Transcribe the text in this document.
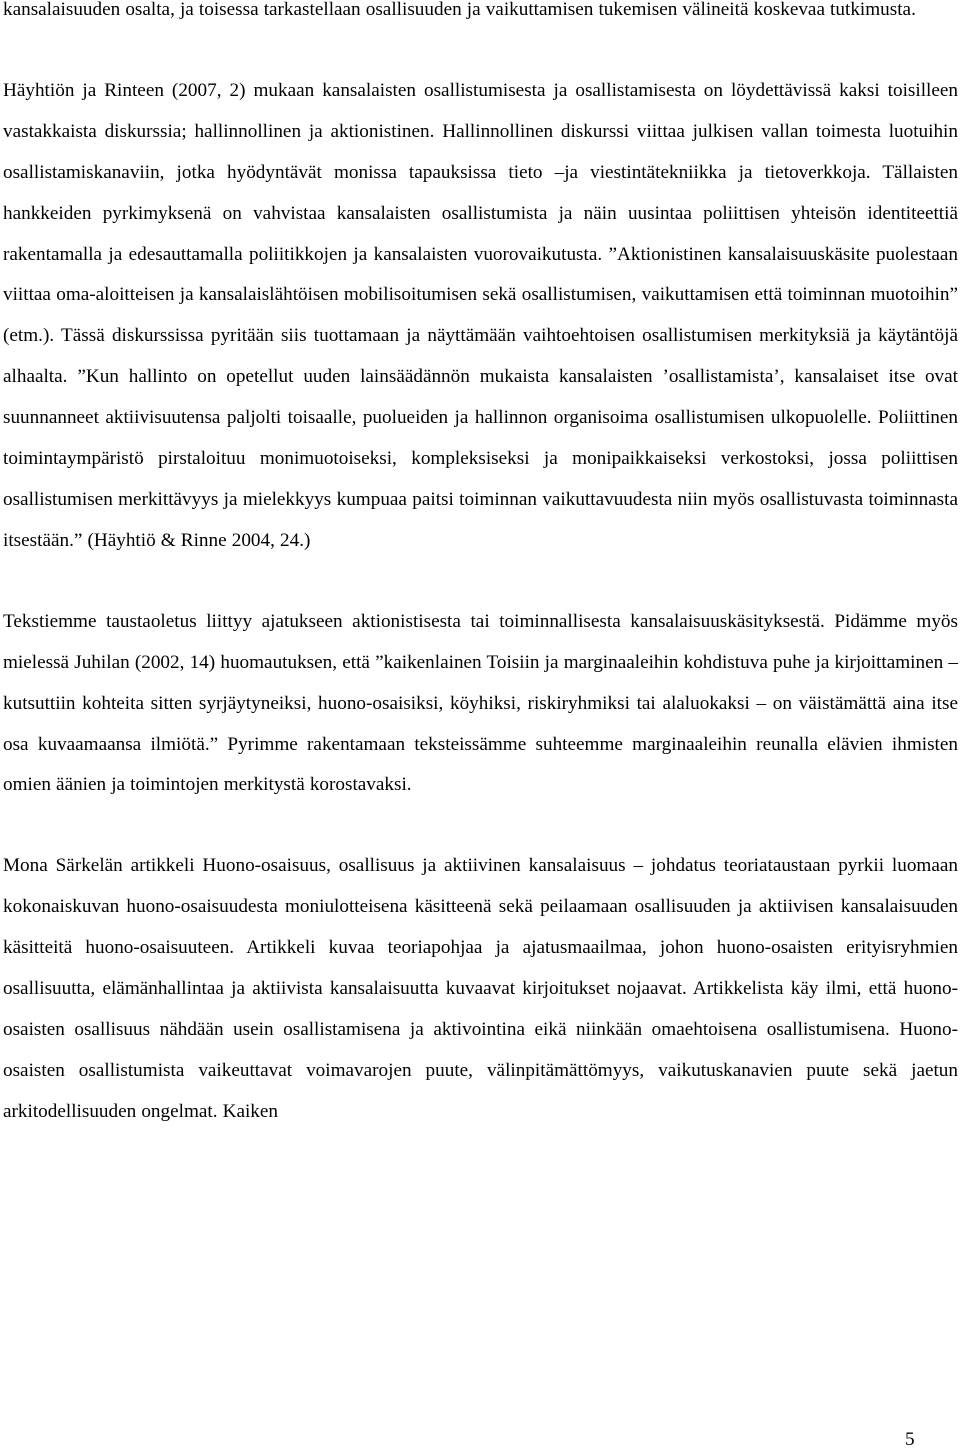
kansalaisuuden osalta, ja toisessa tarkastellaan osallisuuden ja vaikuttamisen tukemisen välineitä koskevaa tutkimusta.

Häyhtiön ja Rinteen (2007, 2) mukaan kansalaisten osallistumisesta ja osallistamisesta on löydettävissä kaksi toisilleen vastakkaista diskurssia; hallinnollinen ja aktionistinen. Hallinnollinen diskurssi viittaa julkisen vallan toimesta luotuihin osallistamiskanaviin, jotka hyödyntävät monissa tapauksissa tieto –ja viestintätekniikka ja tietoverkkoja. Tällaisten hankkeiden pyrkimyksenä on vahvistaa kansalaisten osallistumista ja näin uusintaa poliittisen yhteisön identiteettiä rakentamalla ja edesauttamalla poliitikkojen ja kansalaisten vuorovaikutusta. ”Aktionistinen kansalaisuuskäsite puolestaan viittaa oma-aloitteisen ja kansalaislähtöisen mobilisoitumisen sekä osallistumisen, vaikuttamisen että toiminnan muotoihin” (etm.). Tässä diskurssissa pyritään siis tuottamaan ja näyttämään vaihtoehtoisen osallistumisen merkityksiä ja käytäntöjä alhaalta. ”Kun hallinto on opetellut uuden lainsäädännön mukaista kansalaisten ’osallistamista’, kansalaiset itse ovat suunnanneet aktiivisuutensa paljolti toisaalle, puolueiden ja hallinnon organisoima osallistumisen ulkopuolelle. Poliittinen toimintaympäristö pirstaloituu monimuotoiseksi, kompleksiseksi ja monipaikkaiseksi verkostoksi, jossa poliittisen osallistumisen merkittävyys ja mielekkyys kumpuaa paitsi toiminnan vaikuttavuudesta niin myös osallistuvasta toiminnasta itsestään.” (Häyhtiö & Rinne 2004, 24.)

Tekstiemme taustaoletus liittyy ajatukseen aktionistisesta tai toiminnallisesta kansalaisuuskäsityksestä. Pidämme myös mielessä Juhilan (2002, 14) huomautuksen, että ”kaikenlainen Toisiin ja marginaaleihin kohdistuva puhe ja kirjoittaminen – kutsuttiin kohteita sitten syrjäytyneiksi, huono-osaisiksi, köyhiksi, riskiryhmiksi tai alaluokaksi – on väistämättä aina itse osa kuvaamaansa ilmiötä.” Pyrimme rakentamaan teksteissämme suhteemme marginaaleihin reunalla elävien ihmisten omien äänien ja toimintojen merkitystä korostavaksi.

Mona Särkelän artikkeli Huono-osaisuus, osallisuus ja aktiivinen kansalaisuus – johdatus teoriataustaan pyrkii luomaan kokonaiskuvan huono-osaisuudesta moniulotteisena käsitteenä sekä peilaamaan osallisuuden ja aktiivisen kansalaisuuden käsitteitä huono-osaisuuteen. Artikkeli kuvaa teoriapohjaa ja ajatusmaailmaa, johon huono-osaisten erityisryhmien osallisuutta, elämänhallintaa ja aktiivista kansalaisuutta kuvaavat kirjoitukset nojaavat. Artikkelista käy ilmi, että huono-osaisten osallisuus nähdään usein osallistamisena ja aktivointina eikä niinkään omaehtoisena osallistumisena. Huono-osaisten osallistumista vaikeuttavat voimavarojen puute, välinpitämättömyys, vaikutuskanavien puute sekä jaetun arkitodellisuuden ongelmat. Kaiken

5
